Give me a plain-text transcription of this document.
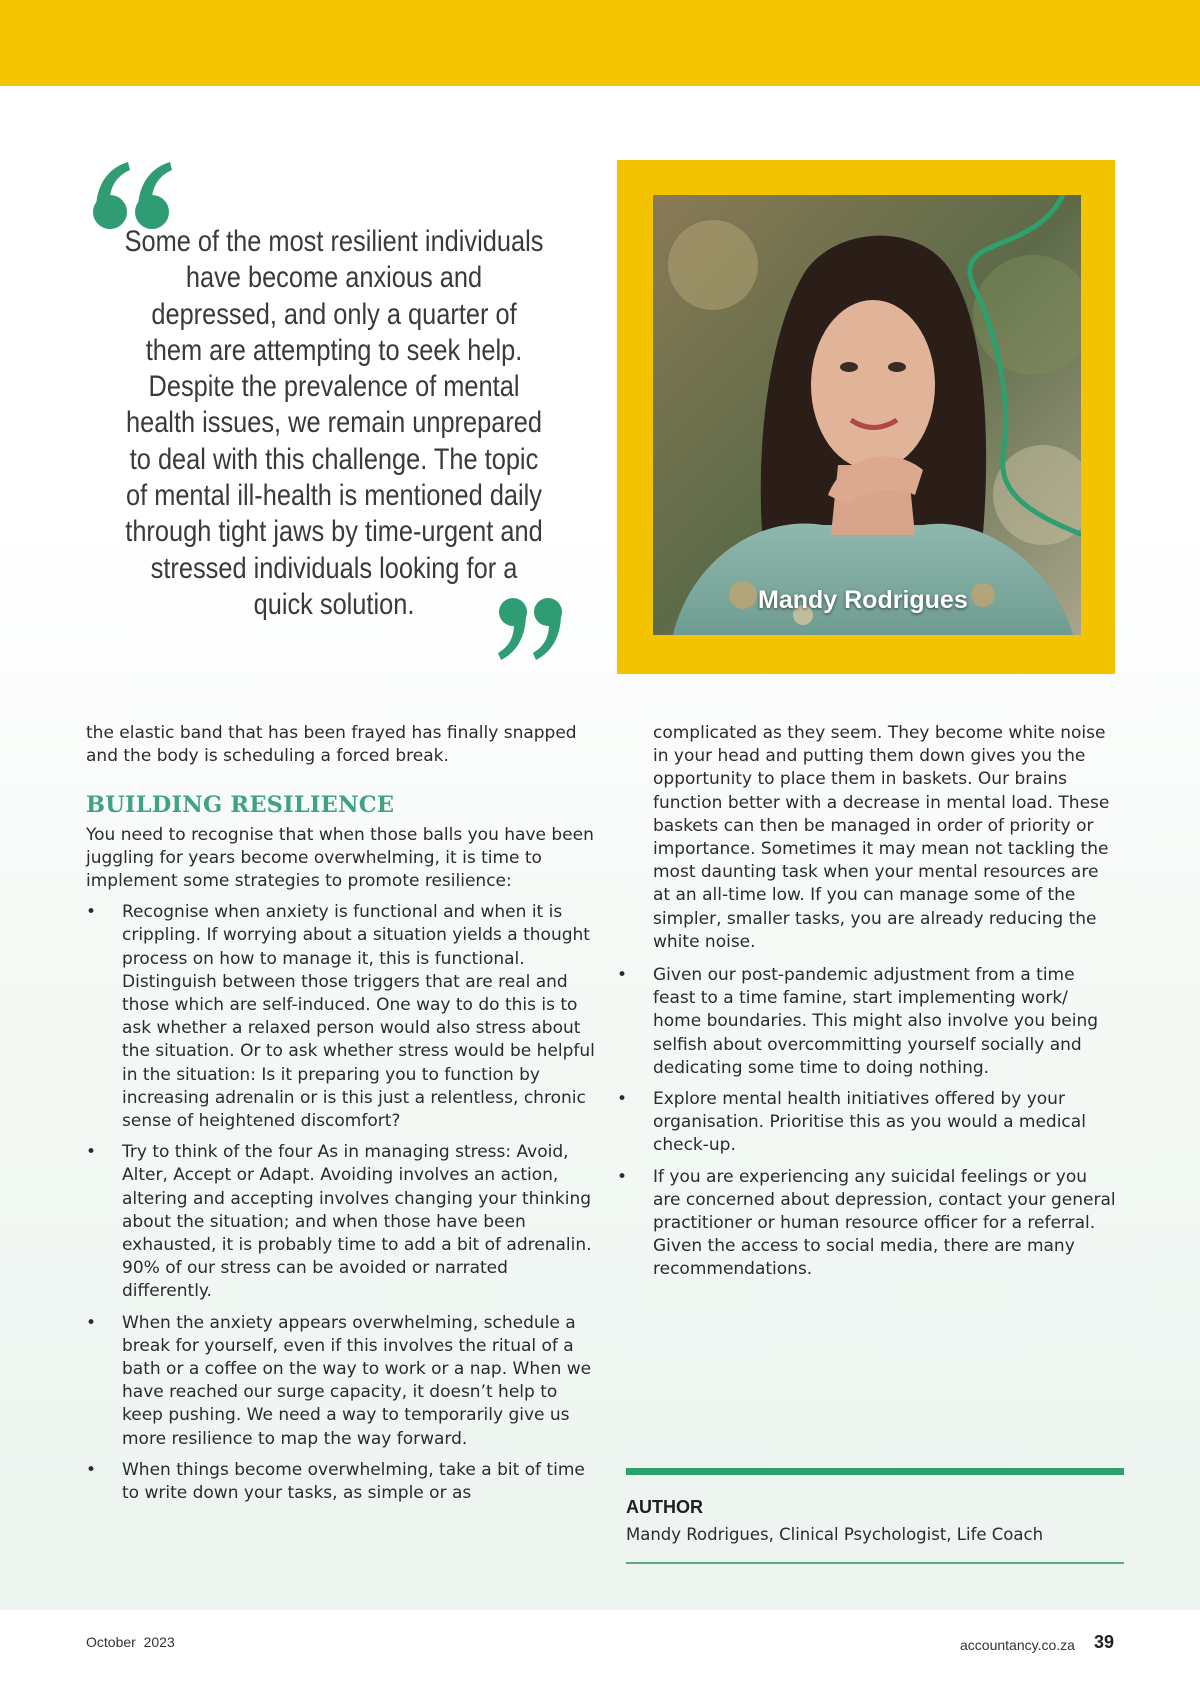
Some of the most resilient individuals have become anxious and depressed, and only a quarter of them are attempting to seek help. Despite the prevalence of mental health issues, we remain unprepared to deal with this challenge. The topic of mental ill-health is mentioned daily through tight jaws by time-urgent and stressed individuals looking for a quick solution.	Mandy Rodrigues

the elastic band that has been frayed has finally snapped and the body is scheduling a forced break.

BUILDING RESILIENCE

You need to recognise that when those balls you have been juggling for years become overwhelming, it is time to implement some strategies to promote resilience:

• Recognise when anxiety is functional and when it is crippling. If worrying about a situation yields a thought process on how to manage it, this is functional. Distinguish between those triggers that are real and those which are self-induced. One way to do this is to ask whether a relaxed person would also stress about the situation. Or to ask whether stress would be helpful in the situation: Is it preparing you to function by increasing adrenalin or is this just a relentless, chronic sense of heightened discomfort?
• Try to think of the four As in managing stress: Avoid, Alter, Accept or Adapt. Avoiding involves an action, altering and accepting involves changing your thinking about the situation; and when those have been exhausted, it is probably time to add a bit of adrenalin. 90% of our stress can be avoided or narrated differently.
• When the anxiety appears overwhelming, schedule a break for yourself, even if this involves the ritual of a bath or a coffee on the way to work or a nap. When we have reached our surge capacity, it doesn’t help to keep pushing. We need a way to temporarily give us more resilience to map the way forward.
• When things become overwhelming, take a bit of time to write down your tasks, as simple or as

complicated as they seem. They become white noise in your head and putting them down gives you the opportunity to place them in baskets. Our brains function better with a decrease in mental load. These baskets can then be managed in order of priority or importance. Sometimes it may mean not tackling the most daunting task when your mental resources are at an all-time low. If you can manage some of the simpler, smaller tasks, you are already reducing the white noise.

• Given our post-pandemic adjustment from a time feast to a time famine, start implementing work/ home boundaries. This might also involve you being selfish about overcommitting yourself socially and dedicating some time to doing nothing.
• Explore mental health initiatives offered by your organisation. Prioritise this as you would a medical check-up.
• If you are experiencing any suicidal feelings or you are concerned about depression, contact your general practitioner or human resource officer for a referral. Given the access to social media, there are many recommendations.
AUTHOR
Mandy Rodrigues, Clinical Psychologist, Life Coach
October  2023	accountancy.co.za 39
